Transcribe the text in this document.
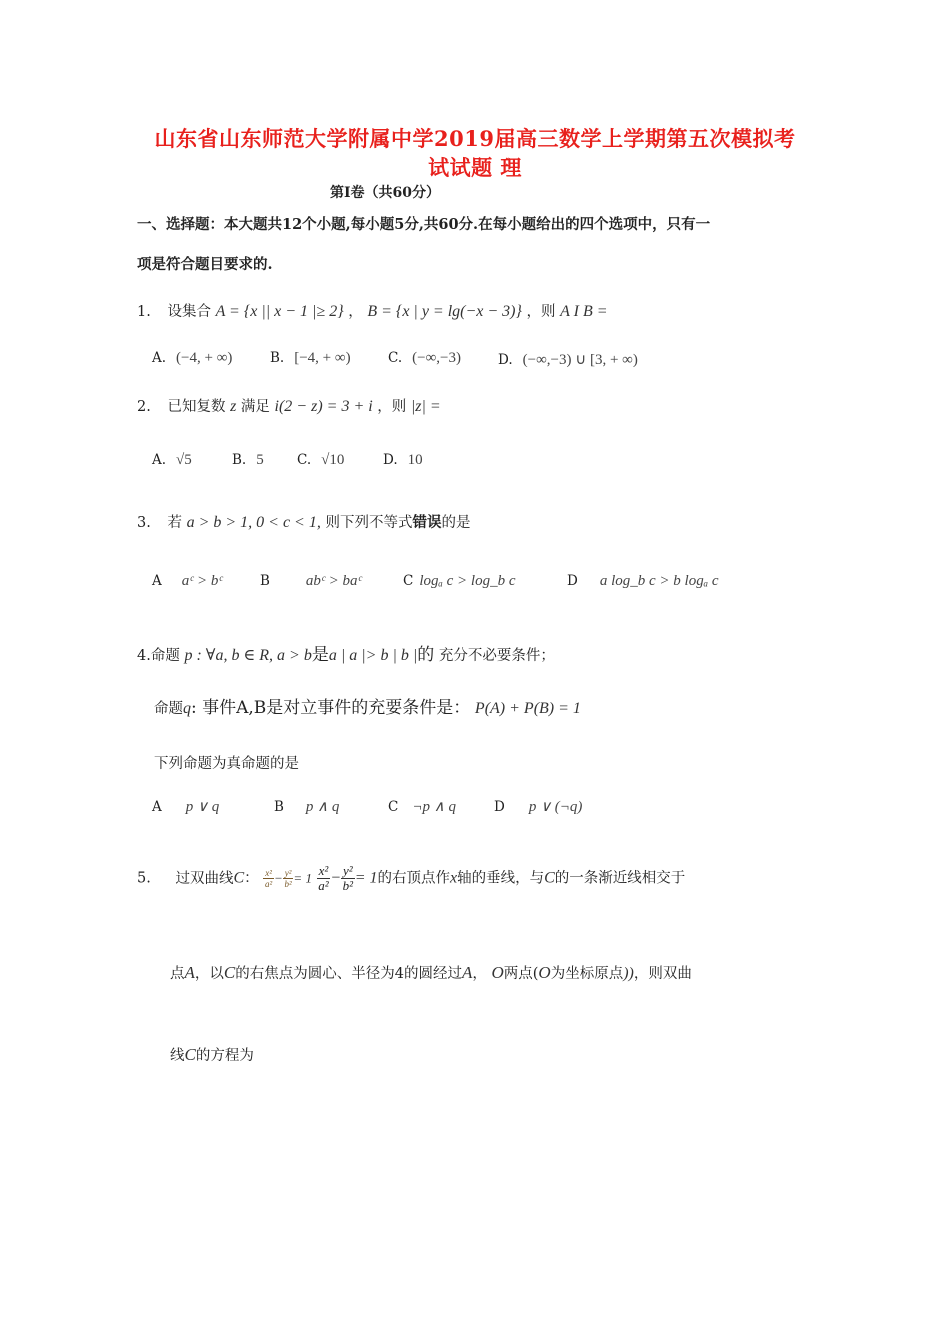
山东省山东师范大学附属中学2019届高三数学上学期第五次模拟考
试试题 理
第Ⅰ卷（共60分）
一、选择题：本大题共12个小题,每小题5分,共60分.在每小题给出的四个选项中，只有一
项是符合题目要求的.
1. 设集合 A = {x || x − 1 |≥ 2} ， B = {x | y = lg(−x − 3)} ，则 A I B =
A. (−4, + ∞)	B. [−4, + ∞)	C. (−∞,−3)	D. (−∞,−3) ∪ [3, + ∞)
2. 已知复数 z 满足 i(2 − z) = 3 + i ，则 |z| =
A. √5	B. 5 C. √10	D. 10
3. 若 a > b > 1, 0 < c < 1, 则下列不等式错误的是
A aᶜ > bᶜ	B abᶜ > baᶜ	C logₐ c > log_b c	D a log_b c > b logₐ c
4.命题 p : ∀a, b ∈ R, a > b是a | a |> b | b |的 充分不必要条件；
命题q: 事件A,B是对立事件的充要条件是： P(A) + P(B) = 1
下列命题为真命题的是
A p ∨ q	B p ∧ q	C ¬p ∧ q	D p ∨ (¬q)
5. 过双曲线C： $\frac{\text{x²}}{\text{a²}} - \frac{\text{y²}}{\text{b²}} = 1 \frac{\text{x²}}{\text{a²}} - \frac{\text{y²}}{\text{b²}} = 1$的右顶点作x轴的垂线，与C的一条渐近线相交于
点A，以C的右焦点为圆心、半径为4的圆经过A， O两点(O为坐标原点))，则双曲
线C的方程为
